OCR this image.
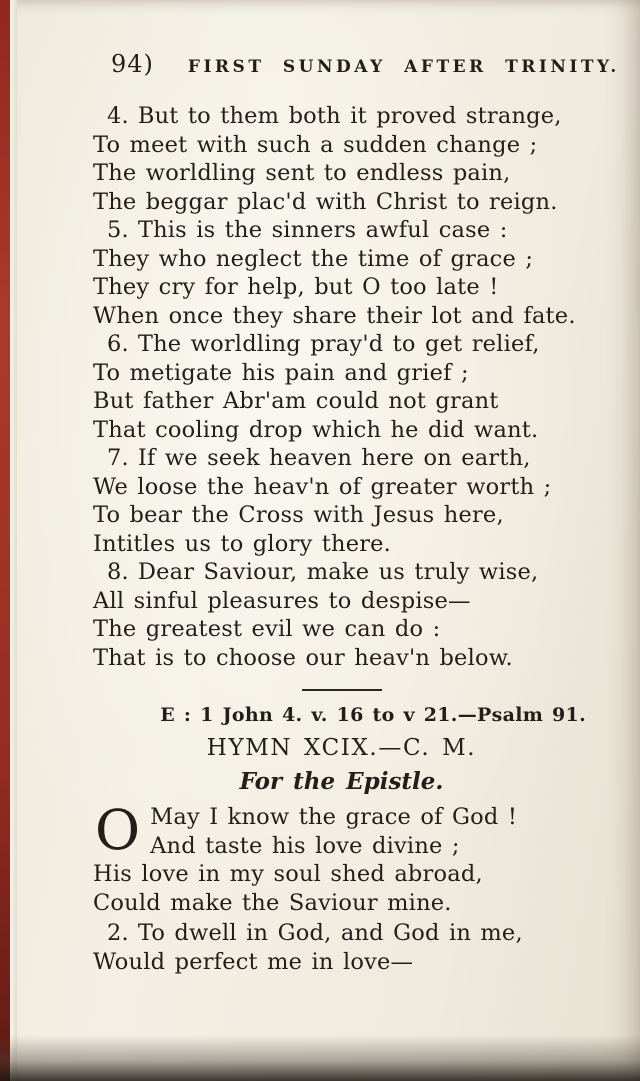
94) FIRST SUNDAY AFTER TRINITY.

4. But to them both it proved strange,

To meet with such a sudden change ;

The worldling sent to endless pain,

The beggar plac'd with Christ to reign.

5. This is the sinners awful case :

They who neglect the time of grace ;

They cry for help, but O too late !

When once they share their lot and fate.

6. The worldling pray'd to get relief,

To metigate his pain and grief ;

But father Abr'am could not grant

That cooling drop which he did want.

7. If we seek heaven here on earth,

We loose the heav'n of greater worth ;

To bear the Cross with Jesus here,

Intitles us to glory there.

8. Dear Saviour, make us truly wise,

All sinful pleasures to despise—

The greatest evil we can do :

That is to choose our heav'n below.

E : 1 John 4. v. 16 to v 21.—Psalm 91.

HYMN XCIX.—C. M.

For the Epistle.

O May I know the grace of God !

And taste his love divine ;

His love in my soul shed abroad,

Could make the Saviour mine.

2. To dwell in God, and God in me,

Would perfect me in love—
